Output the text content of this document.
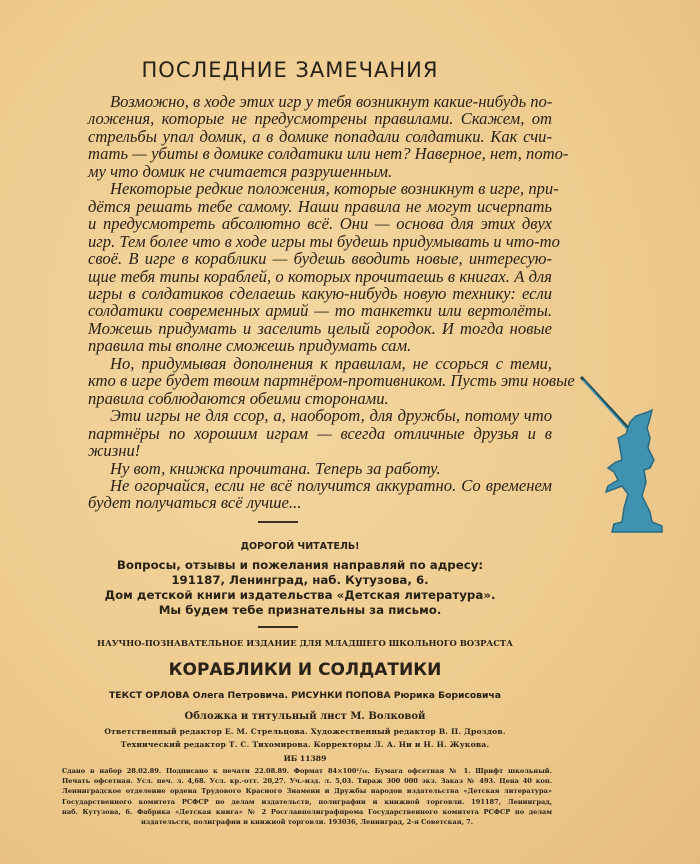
ПОСЛЕДНИЕ ЗАМЕЧАНИЯ
Возможно, в ходе этих игр у тебя возникнут какие-нибудь по-
ложения, которые не предусмотрены правилами. Скажем, от
стрельбы упал домик, а в домике попадали солдатики. Как счи-
тать — убиты в домике солдатики или нет? Наверное, нет, пото-
му что домик не считается разрушенным.
Некоторые редкие положения, которые возникнут в игре, при-
дётся решать тебе самому. Наши правила не могут исчерпать
и предусмотреть абсолютно всё. Они — основа для этих двух
игр. Тем более что в ходе игры ты будешь придумывать и что-то
своё. В игре в кораблики — будешь вводить новые, интересую-
щие тебя типы кораблей, о которых прочитаешь в книгах. А для
игры в солдатиков сделаешь какую-нибудь новую технику: если
солдатики современных армий — то танкетки или вертолёты.
Можешь придумать и заселить целый городок. И тогда новые
правила ты вполне сможешь придумать сам.
Но, придумывая дополнения к правилам, не ссорься с теми,
кто в игре будет твоим партнёром-противником. Пусть эти новые
правила соблюдаются обеими сторонами.
Эти игры не для ссор, а, наоборот, для дружбы, потому что
партнёры по хорошим играм — всегда отличные друзья и в
жизни!
Ну вот, книжка прочитана. Теперь за работу.
Не огорчайся, если не всё получится аккуратно. Со временем
будет получаться всё лучше...
ДОРОГОЙ ЧИТАТЕЛЬ!
Вопросы, отзывы и пожелания направляй по адресу:
191187, Ленинград, наб. Кутузова, 6.
Дом детской книги издательства «Детская литература».
Мы будем тебе признательны за письмо.
НАУЧНО-ПОЗНАВАТЕЛЬНОЕ ИЗДАНИЕ ДЛЯ МЛАДШЕГО ШКОЛЬНОГО ВОЗРАСТА
КОРАБЛИКИ И СОЛДАТИКИ
ТЕКСТ ОРЛОВА Олега Петровича. РИСУНКИ ПОПОВА Рюрика Борисовича
Обложка и титульный лист М. Волковой
Ответственный редактор Е. М. Стрельцова. Художественный редактор В. П. Дроздов.
Технический редактор Т. С. Тихомирова. Корректоры Л. А. Ни и Н. Н. Жукова.
ИБ 11389
Сдано в набор 28.02.89. Подписано к печати 22.08.89. Формат 84×100¹/₁₆. Бумага офсетная № 1. Шрифт школьный.
Печать офсетная. Усл. печ. л. 4,68. Усл. кр.-отт. 20,27. Уч.-изд. л. 5,03. Тираж 300 000 экз. Заказ № 493. Цена 40 коп.
Ленинградское отделение ордена Трудового Красного Знамени и Дружбы народов издательства «Детская литература»
Государственного комитета РСФСР по делам издательств, полиграфии и книжной торговли. 191187, Ленинград,
наб. Кутузова, 6. Фабрика «Детская книга» № 2 Росглавполиграфпрома Государственного комитета РСФСР по делам
издательств, полиграфии и книжной торговли. 193036, Ленинград, 2-я Советская, 7.
